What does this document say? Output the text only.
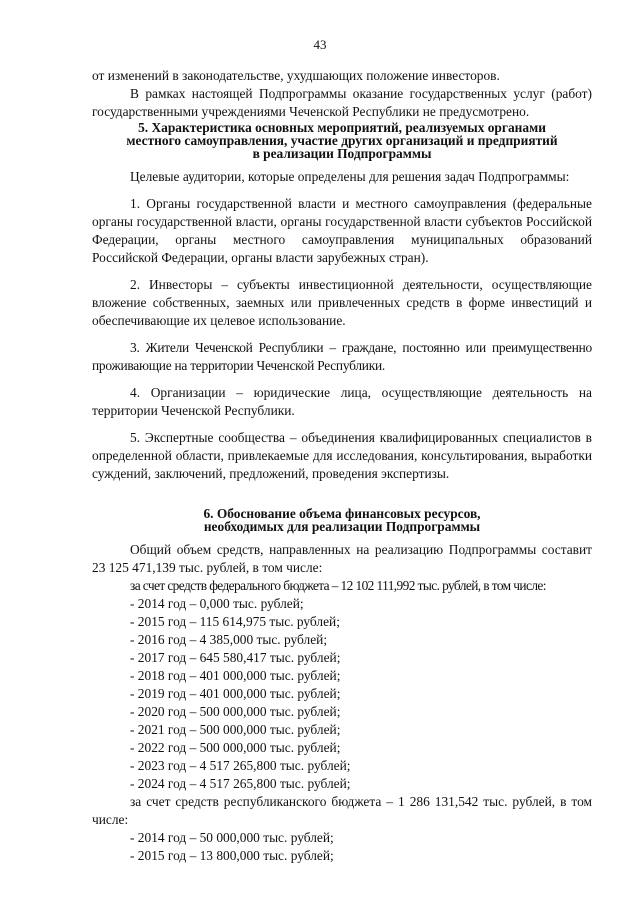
43

от изменений в законодательстве, ухудшающих положение инвесторов.

В рамках настоящей Подпрограммы оказание государственных услуг (работ) государственными учреждениями Чеченской Республики не предусмотрено.

5. Характеристика основных мероприятий, реализуемых органами

местного самоуправления, участие других организаций и предприятий

в реализации Подпрограммы

Целевые аудитории, которые определены для решения задач Подпрограммы:

1. Органы государственной власти и местного самоуправления (федеральные органы государственной власти, органы государственной власти субъектов Российской Федерации, органы местного самоуправления муниципальных образований Российской Федерации, органы власти зарубежных стран).

2. Инвесторы – субъекты инвестиционной деятельности, осуществляющие вложение собственных, заемных или привлеченных средств в форме инвестиций и обеспечивающие их целевое использование.

3. Жители Чеченской Республики – граждане, постоянно или преимущественно проживающие на территории Чеченской Республики.

4. Организации – юридические лица, осуществляющие деятельность на территории Чеченской Республики.

5. Экспертные сообщества – объединения квалифицированных специалистов в определенной области, привлекаемые для исследования, консультирования, выработки суждений, заключений, предложений, проведения экспертизы.

6. Обоснование объема финансовых ресурсов,

необходимых для реализации Подпрограммы

Общий объем средств, направленных на реализацию Подпрограммы составит 23 125 471,139 тыс. рублей, в том числе:

за счет средств федерального бюджета – 12 102 111,992 тыс. рублей, в том числе:

- 2014 год – 0,000 тыс. рублей;

- 2015 год – 115 614,975 тыс. рублей;

- 2016 год – 4 385,000 тыс. рублей;

- 2017 год – 645 580,417 тыс. рублей;

- 2018 год – 401 000,000 тыс. рублей;

- 2019 год – 401 000,000 тыс. рублей;

- 2020 год – 500 000,000 тыс. рублей;

- 2021 год – 500 000,000 тыс. рублей;

- 2022 год – 500 000,000 тыс. рублей;

- 2023 год – 4 517 265,800 тыс. рублей;

- 2024 год – 4 517 265,800 тыс. рублей;

за счет средств республиканского бюджета – 1 286 131,542 тыс. рублей, в том числе:

- 2014 год – 50 000,000 тыс. рублей;

- 2015 год – 13 800,000 тыс. рублей;
